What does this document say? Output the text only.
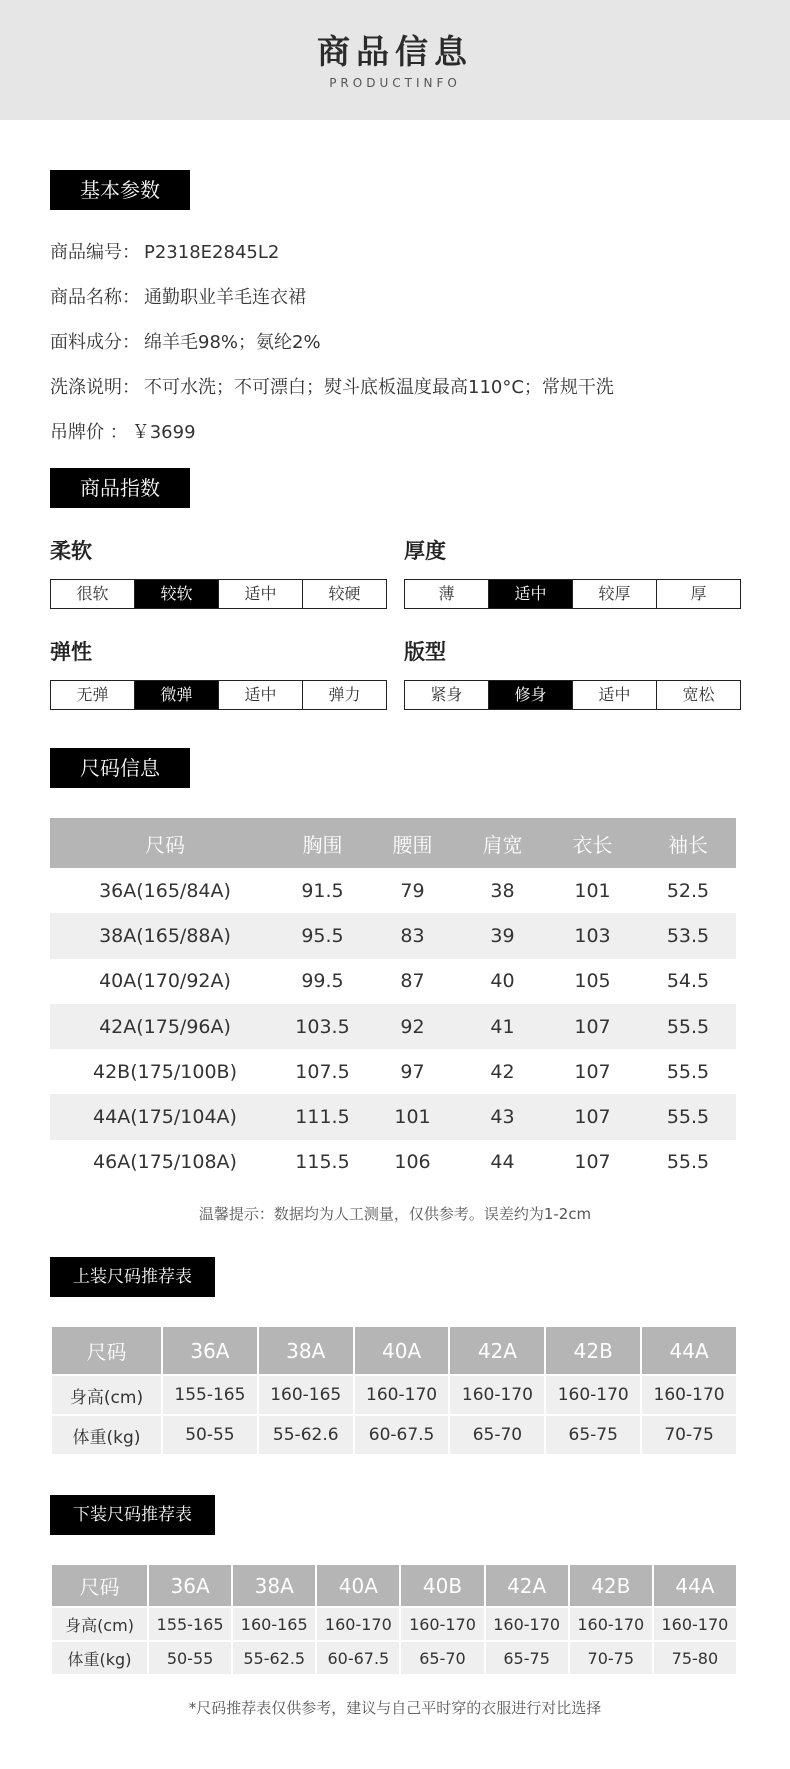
商品信息
PRODUCTINFO
基本参数
商品编号： P2318E2845L2
商品名称： 通勤职业羊毛连衣裙
面料成分： 绵羊毛98%；氨纶2%
洗涤说明： 不可水洗；不可漂白；熨斗底板温度最高110°C；常规干洗
吊牌价 ： ￥3699
商品指数
柔软
很软	较软	适中	较硬
厚度
薄	适中	较厚	厚
弹性
无弹	微弹	适中	弹力
版型
紧身	修身	适中	宽松
尺码信息
尺码	胸围	腰围	肩宽	衣长	袖长
36A(165/84A)	91.5	79	38	101	52.5
38A(165/88A)	95.5	83	39	103	53.5
40A(170/92A)	99.5	87	40	105	54.5
42A(175/96A)	103.5	92	41	107	55.5
42B(175/100B)	107.5	97	42	107	55.5
44A(175/104A)	111.5	101	43	107	55.5
46A(175/108A)	115.5	106	44	107	55.5
温馨提示：数据均为人工测量，仅供参考。误差约为1-2cm
上装尺码推荐表
尺码	36A	38A	40A	42A	42B	44A
身高(cm)	155-165	160-165	160-170	160-170	160-170	160-170
体重(kg)	50-55	55-62.6	60-67.5	65-70	65-75	70-75
下装尺码推荐表
尺码	36A	38A	40A	40B	42A	42B	44A
身高(cm)	155-165	160-165	160-170	160-170	160-170	160-170	160-170
体重(kg)	50-55	55-62.5	60-67.5	65-70	65-75	70-75	75-80
*尺码推荐表仅供参考，建议与自己平时穿的衣服进行对比选择
